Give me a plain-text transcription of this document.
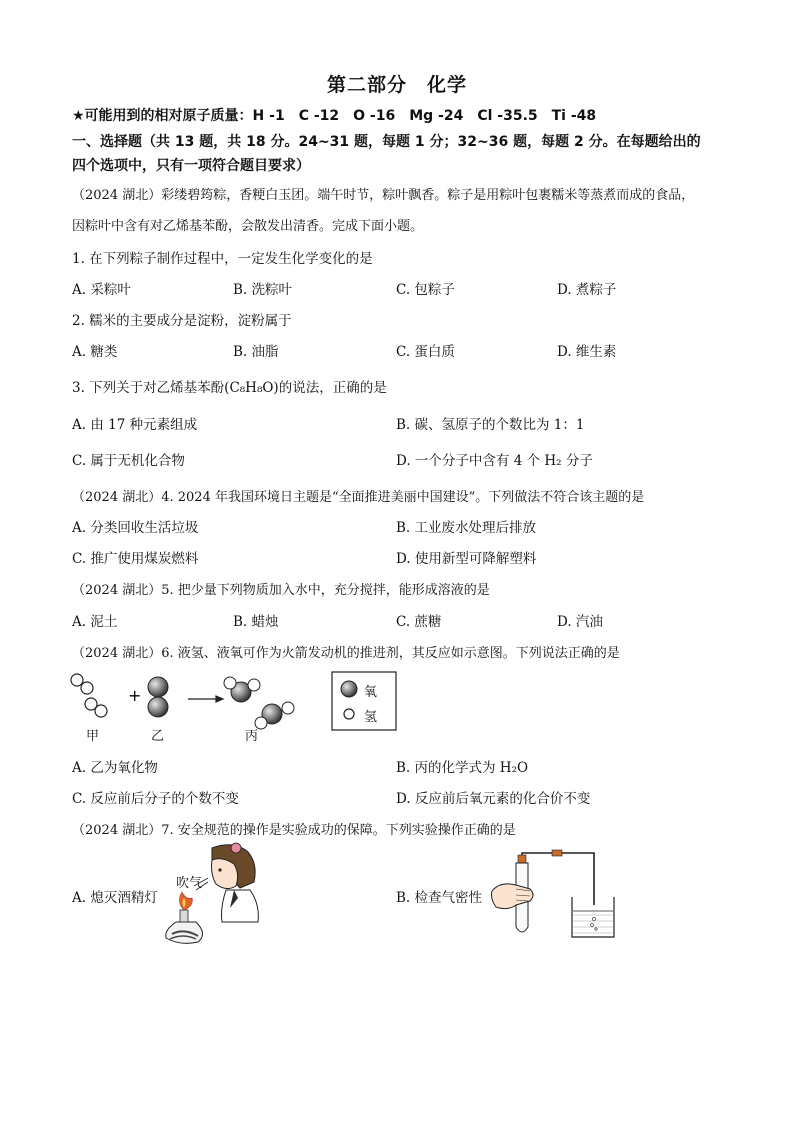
第二部分　化学
★可能用到的相对原子质量：H -1　C -12　O -16　Mg -24　Cl -35.5　Ti -48
一、选择题（共 13 题，共 18 分。24~31 题，每题 1 分；32~36 题，每题 2 分。在每题给出的
四个选项中，只有一项符合题目要求）
（2024 湖北）彩缕碧筠粽，香粳白玉团。端午时节，粽叶飘香。粽子是用粽叶包裹糯米等蒸煮而成的食品，
因粽叶中含有对乙烯基苯酚，会散发出清香。完成下面小题。
1. 在下列粽子制作过程中，一定发生化学变化的是
A. 采粽叶	B. 洗粽叶	C. 包粽子	D. 煮粽子
2. 糯米的主要成分是淀粉，淀粉属于
A. 糖类	B. 油脂	C. 蛋白质	D. 维生素
3. 下列关于对乙烯基苯酚(C₈H₈O)的说法，正确的是
A. 由 17 种元素组成	B. 碳、氢原子的个数比为 1：1
C. 属于无机化合物	D. 一个分子中含有 4 个 H₂ 分子
（2024 湖北）4. 2024 年我国环境日主题是“全面推进美丽中国建设”。下列做法不符合该主题的是
A. 分类回收生活垃圾	B. 工业废水处理后排放
C. 推广使用煤炭燃料	D. 使用新型可降解塑料
（2024 湖北）5. 把少量下列物质加入水中，充分搅拌，能形成溶液的是
A. 泥土	B. 蜡烛	C. 蔗糖	D. 汽油
（2024 湖北）6. 液氢、液氧可作为火箭发动机的推进剂，其反应如示意图。下列说法正确的是
+	氧
氢
甲	乙	丙
A. 乙为氧化物	B. 丙的化学式为 H₂O
C. 反应前后分子的个数不变	D. 反应前后氧元素的化合价不变
（2024 湖北）7. 安全规范的操作是实验成功的保障。下列实验操作正确的是
A. 熄灭酒精灯	B. 检查气密性
吹气
